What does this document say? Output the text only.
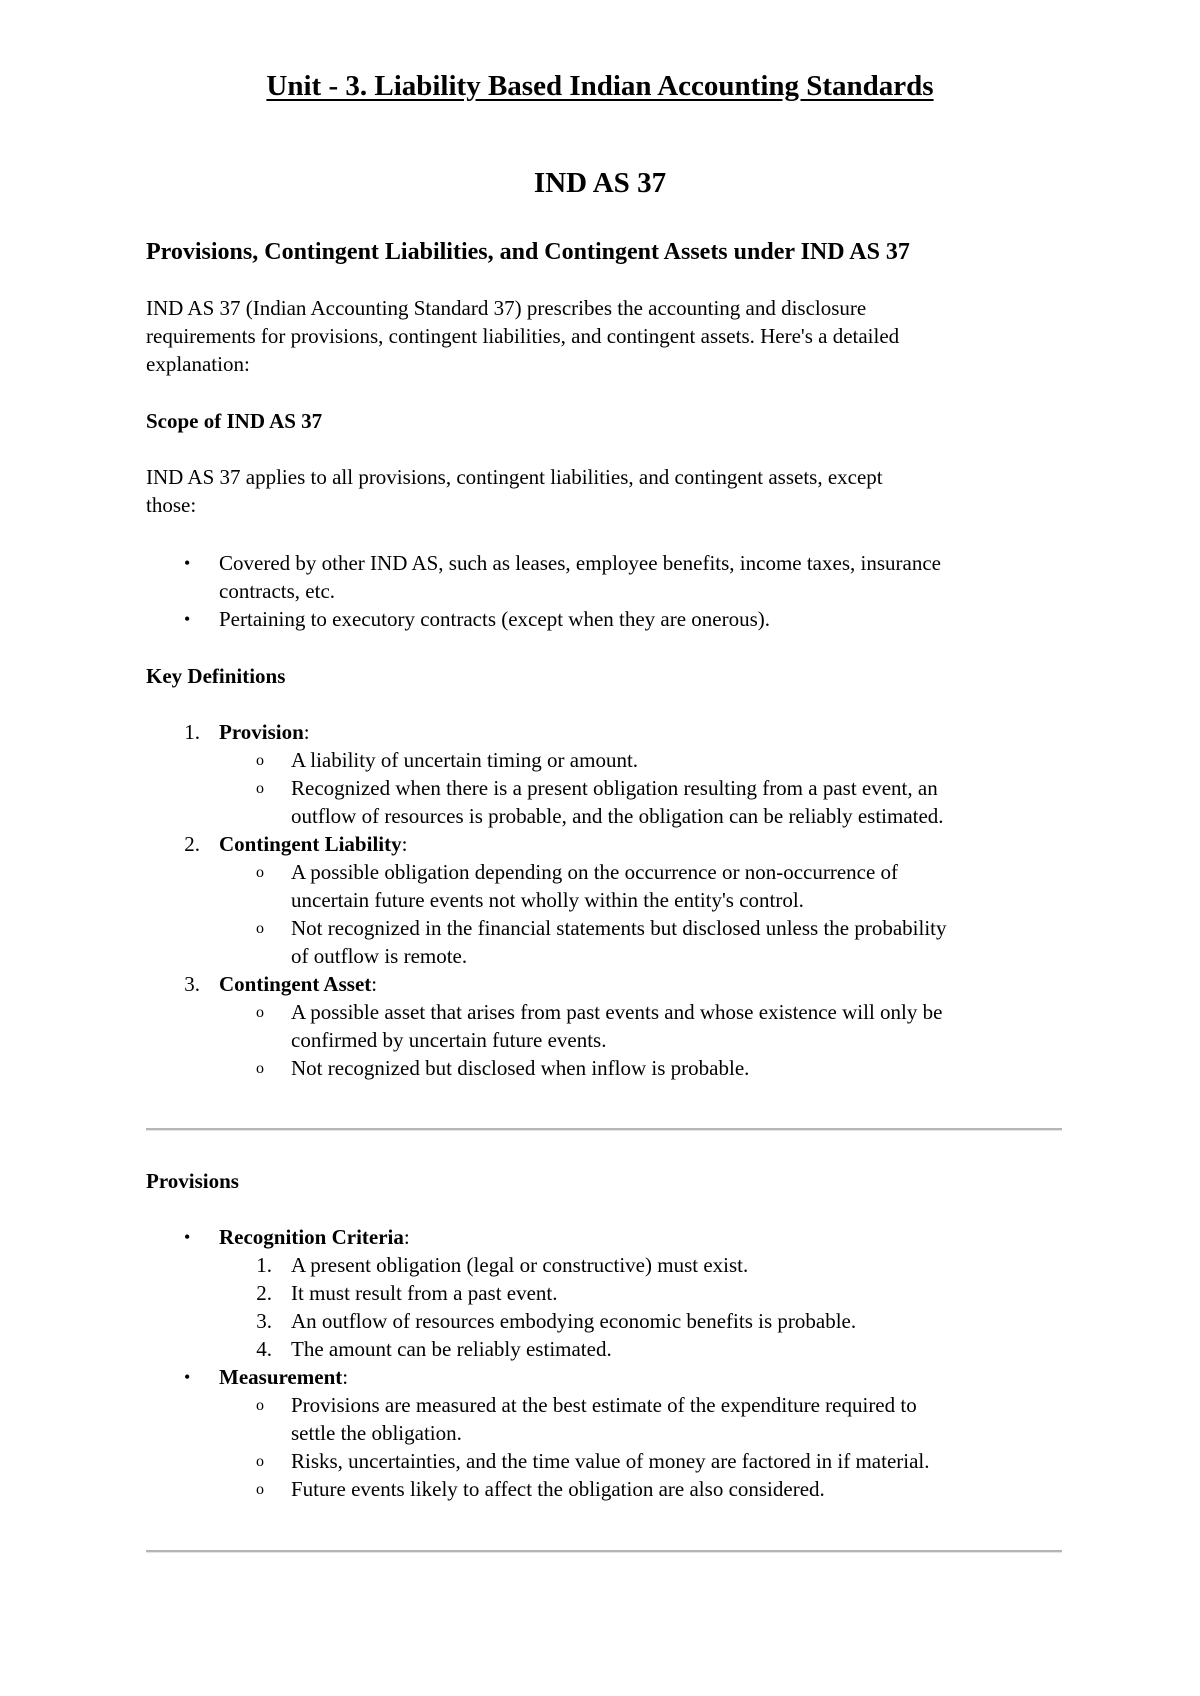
Unit - 3. Liability Based Indian Accounting Standards
IND AS 37
Provisions, Contingent Liabilities, and Contingent Assets under IND AS 37
IND AS 37 (Indian Accounting Standard 37) prescribes the accounting and disclosure
requirements for provisions, contingent liabilities, and contingent assets. Here's a detailed
explanation:
Scope of IND AS 37
IND AS 37 applies to all provisions, contingent liabilities, and contingent assets, except
those:
• Covered by other IND AS, such as leases, employee benefits, income taxes, insurance
contracts, etc.
• Pertaining to executory contracts (except when they are onerous).
Key Definitions
1. Provision:
o A liability of uncertain timing or amount.
o Recognized when there is a present obligation resulting from a past event, an
outflow of resources is probable, and the obligation can be reliably estimated.
2. Contingent Liability:
o A possible obligation depending on the occurrence or non-occurrence of
uncertain future events not wholly within the entity's control.
o Not recognized in the financial statements but disclosed unless the probability
of outflow is remote.
3. Contingent Asset:
o A possible asset that arises from past events and whose existence will only be
confirmed by uncertain future events.
o Not recognized but disclosed when inflow is probable.
Provisions
• Recognition Criteria:
1. A present obligation (legal or constructive) must exist.
2. It must result from a past event.
3. An outflow of resources embodying economic benefits is probable.
4. The amount can be reliably estimated.
• Measurement:
o Provisions are measured at the best estimate of the expenditure required to
settle the obligation.
o Risks, uncertainties, and the time value of money are factored in if material.
o Future events likely to affect the obligation are also considered.
